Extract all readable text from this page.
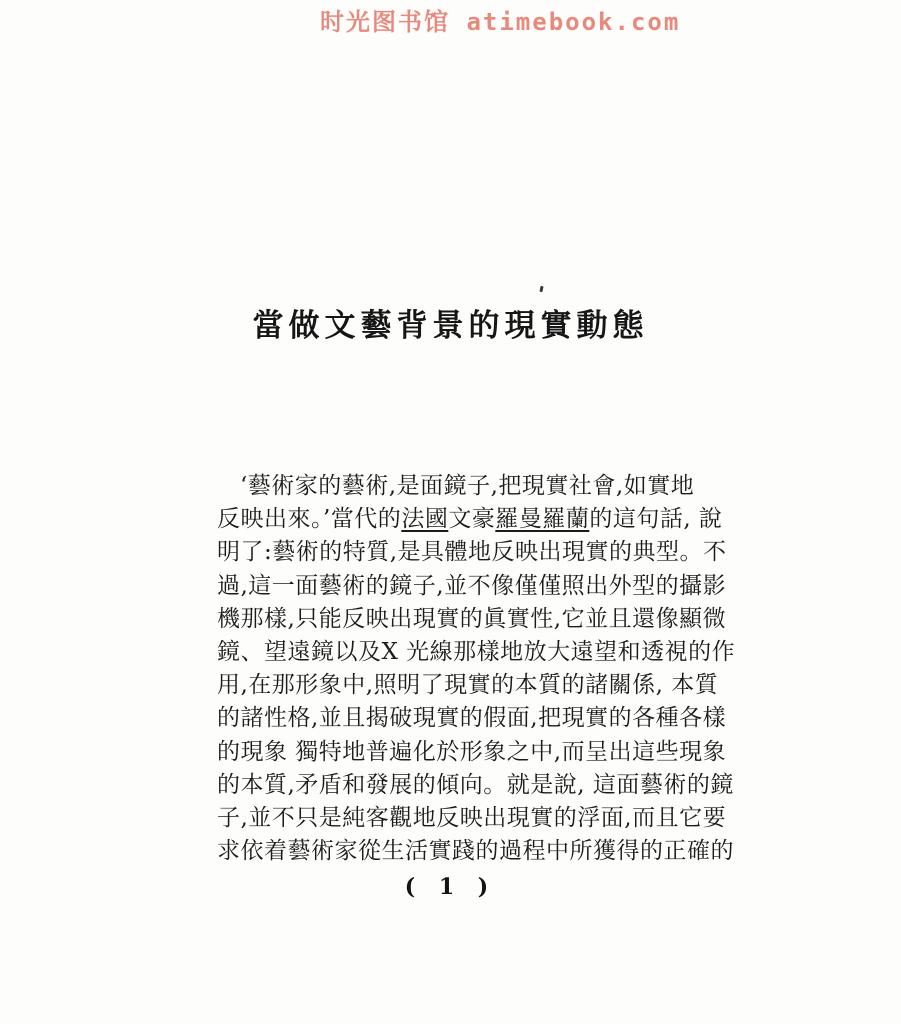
时光图书馆 atimebook.com
當做文藝背景的現實動態
‘藝術家的藝術,是面鏡子,把現實社會,如實地
反映出來。’當代的法國文豪羅曼羅蘭的這句話, 說
明了:藝術的特質,是具體地反映出現實的典型。不
過,這一面藝術的鏡子,並不像僅僅照出外型的攝影
機那樣,只能反映出現實的眞實性,它並且還像顯微
鏡、望遠鏡以及X 光線那樣地放大遠望和透視的作
用,在那形象中,照明了現實的本質的諸關係, 本質
的諸性格,並且揭破現實的假面,把現實的各種各樣
的現象 獨特地普遍化於形象之中,而呈出這些現象
的本質,矛盾和發展的傾向。就是說, 這面藝術的鏡
子,並不只是純客觀地反映出現實的浮面,而且它要
求依着藝術家從生活實踐的過程中所獲得的正確的
( 1 )
